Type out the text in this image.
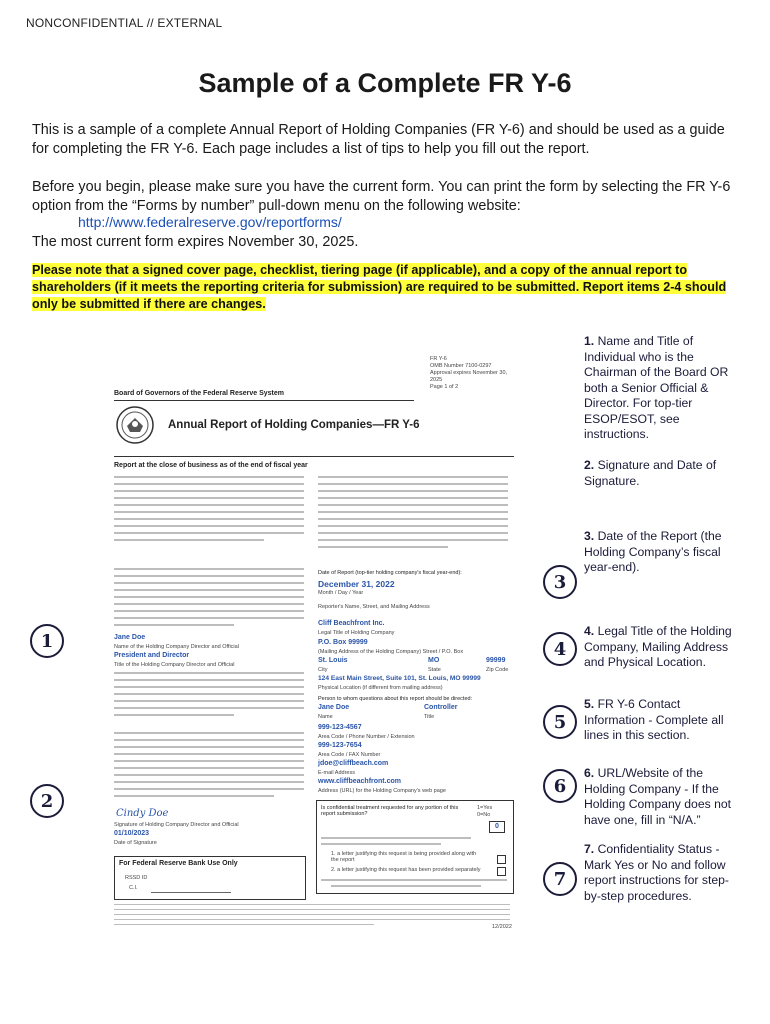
NONCONFIDENTIAL // EXTERNAL
Sample of a Complete FR Y-6
This is a sample of a complete Annual Report of Holding Companies (FR Y-6) and should be used as a guide for completing the FR Y-6. Each page includes a list of tips to help you fill out the report.
Before you begin, please make sure you have the current form. You can print the form by selecting the FR Y-6 option from the “Forms by number” pull-down menu on the following website:
http://www.federalreserve.gov/reportforms/
The most current form expires November 30, 2025.
Please note that a signed cover page, checklist, tiering page (if applicable), and a copy of the annual report to shareholders (if it meets the reporting criteria for submission) are required to be submitted. Report items 2-4 should only be submitted if there are changes.
FR Y-6
OMB Number 7100-0297
Approval expires November 30, 2025
Page 1 of 2
Board of Governors of the Federal Reserve System
Annual Report of Holding Companies—FR Y-6
Report at the close of business as of the end of fiscal year
Date of Report (top-tier holding company's fiscal year-end):
December 31, 2022
Month / Day / Year
Reporter's Name, Street, and Mailing Address
Jane Doe
Name of the Holding Company Director and Official
President and Director
Title of the Holding Company Director and Official
Cindy Doe
Signature of Holding Company Director and Official
01/10/2023
Date of Signature
Cliff Beachfront Inc.
Legal Title of Holding Company
P.O. Box 99999
(Mailing Address of the Holding Company) Street / P.O. Box
St. Louis	MO	99999
City	State	Zip Code
124 East Main Street, Suite 101, St. Louis, MO 99999
Physical Location (if different from mailing address)
Person to whom questions about this report should be directed:
Jane Doe	Controller
Name	Title
999-123-4567
Area Code / Phone Number / Extension
999-123-7654
Area Code / FAX Number
jdoe@cliffbeach.com
E-mail Address
www.cliffbeachfront.com
Address (URL) for the Holding Company's web page
Is confidential treatment requested for any portion of this report submission?
1=Yes
0=No
0
1. a letter justifying this request is being provided along with the report
2. a letter justifying this request has been provided separately
For Federal Reserve Bank Use Only
RSSD ID
C.I.
12/2022
1
2
3
4
5
6
7
1. Name and Title of Individual who is the Chairman of the Board OR both a Senior Official & Director. For top-tier ESOP/ESOT, see instructions.
2. Signature and Date of Signature.
3. Date of the Report (the Holding Company’s fiscal year-end).
4. Legal Title of the Holding Company, Mailing Address and Physical Location.
5. FR Y-6 Contact Information - Complete all lines in this section.
6. URL/Website of the Holding Company - If the Holding Company does not have one, fill in “N/A.”
7. Confidentiality Status - Mark Yes or No and follow report instructions for step-by-step procedures.
